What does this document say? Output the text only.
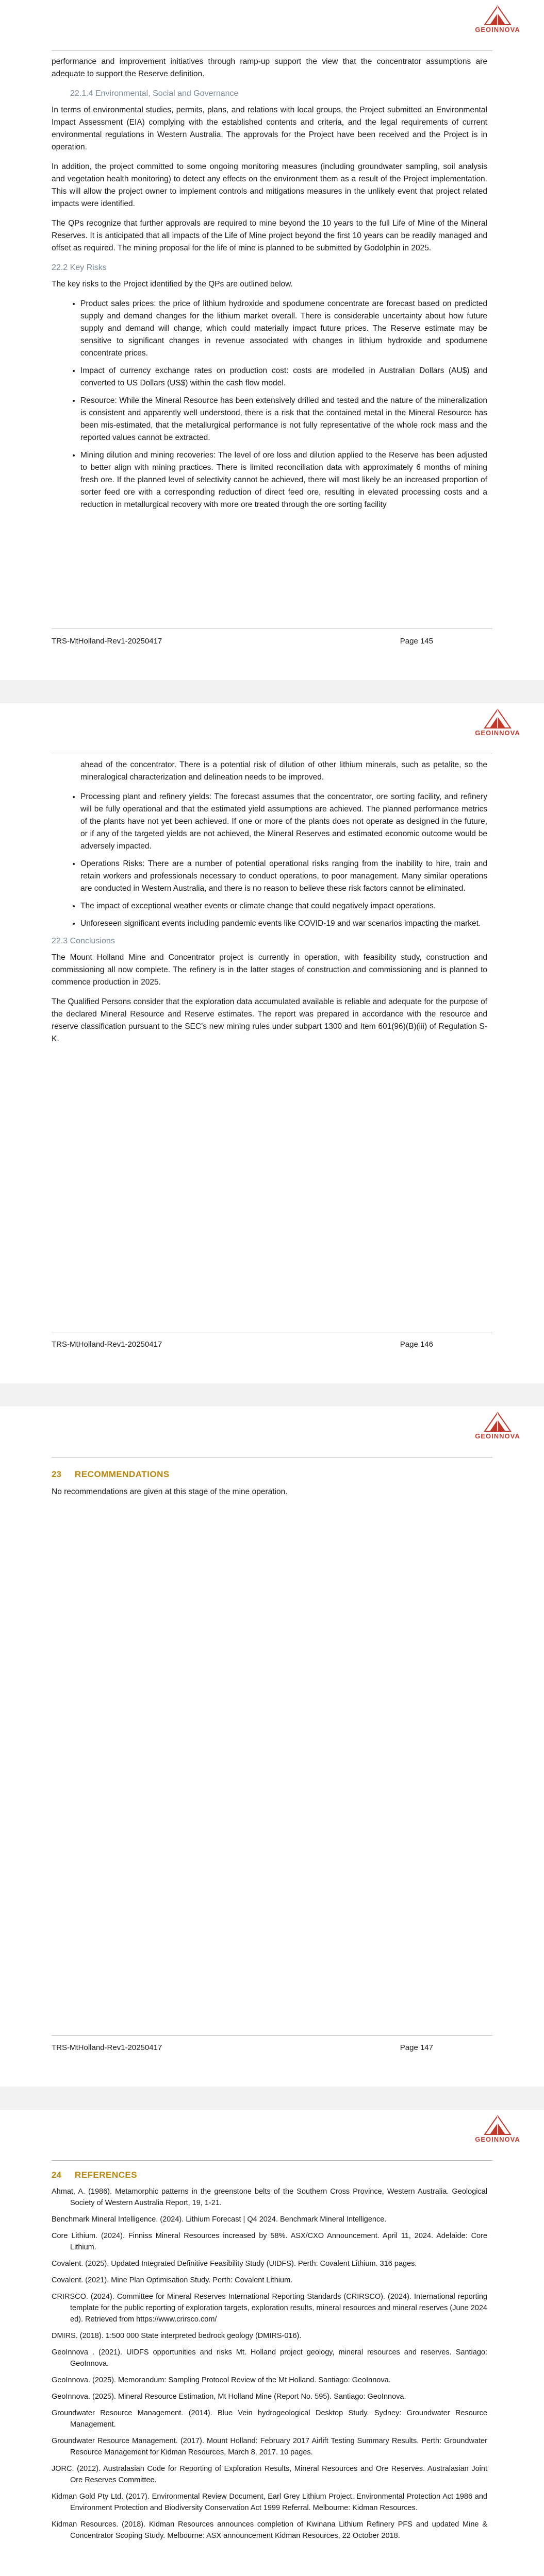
GEOINNOVA

performance and improvement initiatives through ramp-up support the view that the concentrator assumptions are adequate to support the Reserve definition.

22.1.4 Environmental, Social and Governance

In terms of environmental studies, permits, plans, and relations with local groups, the Project submitted an Environmental Impact Assessment (EIA) complying with the established contents and criteria, and the legal requirements of current environmental regulations in Western Australia. The approvals for the Project have been received and the Project is in operation.

In addition, the project committed to some ongoing monitoring measures (including groundwater sampling, soil analysis and vegetation health monitoring) to detect any effects on the environment them as a result of the Project implementation. This will allow the project owner to implement controls and mitigations measures in the unlikely event that project related impacts were identified.

The QPs recognize that further approvals are required to mine beyond the 10 years to the full Life of Mine of the Mineral Reserves. It is anticipated that all impacts of the Life of Mine project beyond the first 10 years can be readily managed and offset as required. The mining proposal for the life of mine is planned to be submitted by Godolphin in 2025.

22.2 Key Risks

The key risks to the Project identified by the QPs are outlined below.

• Product sales prices: the price of lithium hydroxide and spodumene concentrate are forecast based on predicted supply and demand changes for the lithium market overall. There is considerable uncertainty about how future supply and demand will change, which could materially impact future prices. The Reserve estimate may be sensitive to significant changes in revenue associated with changes in lithium hydroxide and spodumene concentrate prices.
• Impact of currency exchange rates on production cost: costs are modelled in Australian Dollars (AU$) and converted to US Dollars (US$) within the cash flow model.
• Resource: While the Mineral Resource has been extensively drilled and tested and the nature of the mineralization is consistent and apparently well understood, there is a risk that the contained metal in the Mineral Resource has been mis-estimated, that the metallurgical performance is not fully representative of the whole rock mass and the reported values cannot be extracted.
• Mining dilution and mining recoveries: The level of ore loss and dilution applied to the Reserve has been adjusted to better align with mining practices. There is limited reconciliation data with approximately 6 months of mining fresh ore. If the planned level of selectivity cannot be achieved, there will most likely be an increased proportion of sorter feed ore with a corresponding reduction of direct feed ore, resulting in elevated processing costs and a reduction in metallurgical recovery with more ore treated through the ore sorting facility
TRS-MtHolland-Rev1-20250417	Page 145
GEOINNOVA

ahead of the concentrator. There is a potential risk of dilution of other lithium minerals, such as petalite, so the mineralogical characterization and delineation needs to be improved.

• Processing plant and refinery yields: The forecast assumes that the concentrator, ore sorting facility, and refinery will be fully operational and that the estimated yield assumptions are achieved. The planned performance metrics of the plants have not yet been achieved. If one or more of the plants does not operate as designed in the future, or if any of the targeted yields are not achieved, the Mineral Reserves and estimated economic outcome would be adversely impacted.
• Operations Risks: There are a number of potential operational risks ranging from the inability to hire, train and retain workers and professionals necessary to conduct operations, to poor management. Many similar operations are conducted in Western Australia, and there is no reason to believe these risk factors cannot be eliminated.
• The impact of exceptional weather events or climate change that could negatively impact operations.
• Unforeseen significant events including pandemic events like COVID-19 and war scenarios impacting the market.
22.3 Conclusions

The Mount Holland Mine and Concentrator project is currently in operation, with feasibility study, construction and commissioning all now complete. The refinery is in the latter stages of construction and commissioning and is planned to commence production in 2025.

The Qualified Persons consider that the exploration data accumulated available is reliable and adequate for the purpose of the declared Mineral Resource and Reserve estimates. The report was prepared in accordance with the resource and reserve classification pursuant to the SEC’s new mining rules under subpart 1300 and Item 601(96)(B)(iii) of Regulation S-K.

TRS-MtHolland-Rev1-20250417	Page 146
GEOINNOVA
23 RECOMMENDATIONS

No recommendations are given at this stage of the mine operation.

TRS-MtHolland-Rev1-20250417	Page 147
GEOINNOVA
24 REFERENCES
Ahmat, A. (1986). Metamorphic patterns in the greenstone belts of the Southern Cross Province, Western Australia. Geological Society of Western Australia Report, 19, 1-21.
Benchmark Mineral Intelligence. (2024). Lithium Forecast | Q4 2024. Benchmark Mineral Intelligence.
Core Lithium. (2024). Finniss Mineral Resources increased by 58%. ASX/CXO Announcement. April 11, 2024. Adelaide: Core Lithium.
Covalent. (2025). Updated Integrated Definitive Feasibility Study (UIDFS). Perth: Covalent Lithium. 316 pages.
Covalent. (2021). Mine Plan Optimisation Study. Perth: Covalent Lithium.
CRIRSCO. (2024). Committee for Mineral Reserves International Reporting Standards (CRIRSCO). (2024). International reporting template for the public reporting of exploration targets, exploration results, mineral resources and mineral reserves (June 2024 ed). Retrieved from https://www.crirsco.com/
DMIRS. (2018). 1:500 000 State interpreted bedrock geology (DMIRS-016).
GeoInnova . (2021). UIDFS opportunities and risks Mt. Holland project geology, mineral resources and reserves. Santiago: GeoInnova.
GeoInnova. (2025). Memorandum: Sampling Protocol Review of the Mt Holland. Santiago: GeoInnova.
GeoInnova. (2025). Mineral Resource Estimation, Mt Holland Mine (Report No. 595). Santiago: GeoInnova.
Groundwater Resource Management. (2014). Blue Vein hydrogeological Desktop Study. Sydney: Groundwater Resource Management.
Groundwater Resource Management. (2017). Mount Holland: February 2017 Airlift Testing Summary Results. Perth: Groundwater Resource Management for Kidman Resources, March 8, 2017. 10 pages.
JORC. (2012). Australasian Code for Reporting of Exploration Results, Mineral Resources and Ore Reserves. Australasian Joint Ore Reserves Committee.
Kidman Gold Pty Ltd. (2017). Environmental Review Document, Earl Grey Lithium Project. Environmental Protection Act 1986 and Environment Protection and Biodiversity Conservation Act 1999 Referral. Melbourne: Kidman Resources.
Kidman Resources. (2018). Kidman Resources announces completion of Kwinana Lithium Refinery PFS and updated Mine & Concentrator Scoping Study. Melbourne: ASX announcement Kidman Resources, 22 October 2018.
